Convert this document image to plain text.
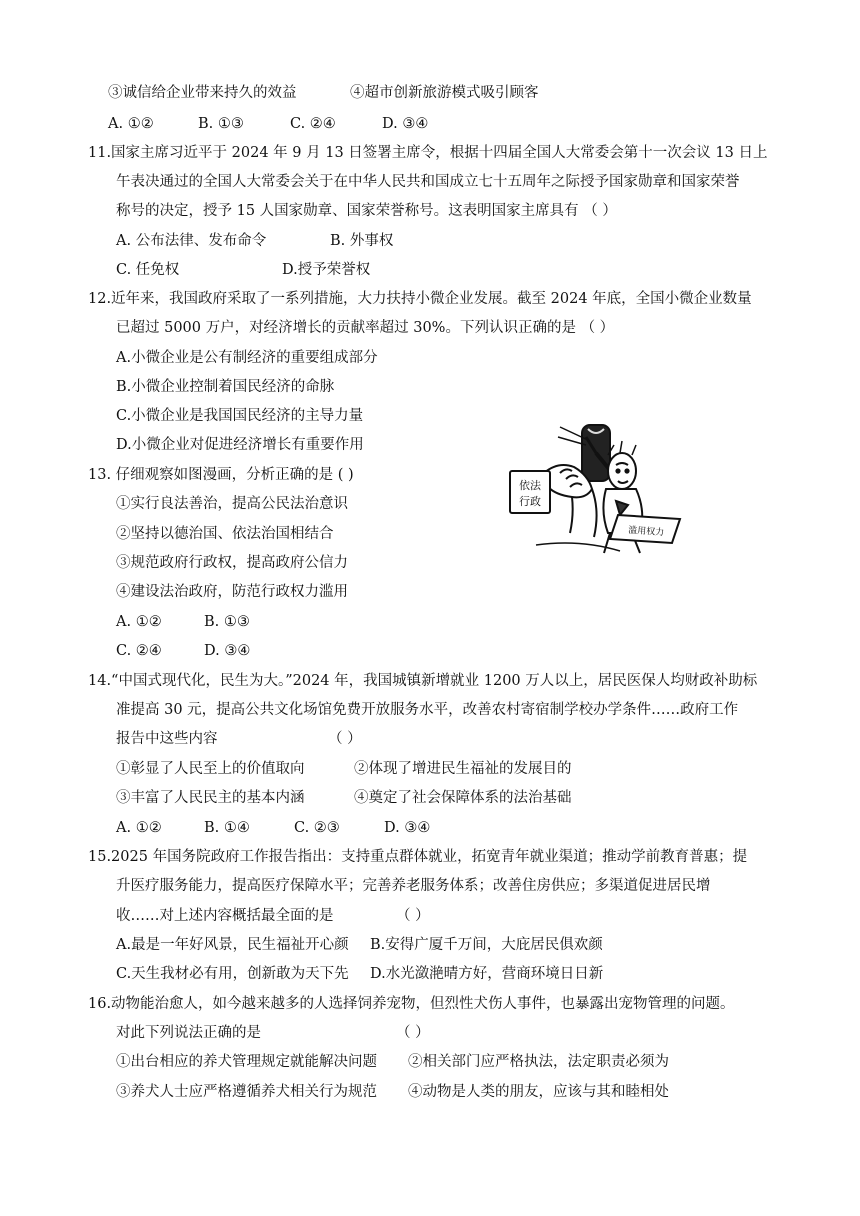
③诚信给企业带来持久的效益	④超市创新旅游模式吸引顾客
A. ①②	B. ①③	C. ②④	D. ③④
11.国家主席习近平于 2024 年 9 月 13 日签署主席令，根据十四届全国人大常委会第十一次会议 13 日上
午表决通过的全国人大常委会关于在中华人民共和国成立七十五周年之际授予国家勋章和国家荣誉
称号的决定，授予 15 人国家勋章、国家荣誉称号。这表明国家主席具有 （ ）
A. 公布法律、发布命令	B. 外事权
C. 任免权	D.授予荣誉权
12.近年来，我国政府采取了一系列措施，大力扶持小微企业发展。截至 2024 年底，全国小微企业数量
已超过 5000 万户，对经济增长的贡献率超过 30%。下列认识正确的是 （ ）
A.小微企业是公有制经济的重要组成部分
B.小微企业控制着国民经济的命脉
C.小微企业是我国国民经济的主导力量
D.小微企业对促进经济增长有重要作用
依法
行政
滥用权力
13. 仔细观察如图漫画，分析正确的是 ( )
①实行良法善治，提高公民法治意识
②坚持以德治国、依法治国相结合
③规范政府行政权，提高政府公信力
④建设法治政府，防范行政权力滥用
A. ①②	B. ①③
C. ②④	D. ③④
14.“中国式现代化，民生为大。”2024 年，我国城镇新增就业 1200 万人以上，居民医保人均财政补助标
准提高 30 元，提高公共文化场馆免费开放服务水平，改善农村寄宿制学校办学条件……政府工作
报告中这些内容	（ ）
①彰显了人民至上的价值取向	②体现了增进民生福祉的发展目的
③丰富了人民民主的基本内涵	④奠定了社会保障体系的法治基础
A. ①②	B. ①④	C. ②③	D. ③④
15.2025 年国务院政府工作报告指出：支持重点群体就业，拓宽青年就业渠道；推动学前教育普惠；提
升医疗服务能力，提高医疗保障水平；完善养老服务体系；改善住房供应；多渠道促进居民增
收……对上述内容概括最全面的是	（ ）
A.最是一年好风景，民生福祉开心颜 B.安得广厦千万间，大庇居民俱欢颜
C.天生我材必有用，创新敢为天下先 D.水光潋滟晴方好，营商环境日日新
16.动物能治愈人，如今越来越多的人选择饲养宠物，但烈性犬伤人事件，也暴露出宠物管理的问题。
对此下列说法正确的是	（ ）
①出台相应的养犬管理规定就能解决问题 ②相关部门应严格执法，法定职责必须为
③养犬人士应严格遵循养犬相关行为规范 ④动物是人类的朋友，应该与其和睦相处
